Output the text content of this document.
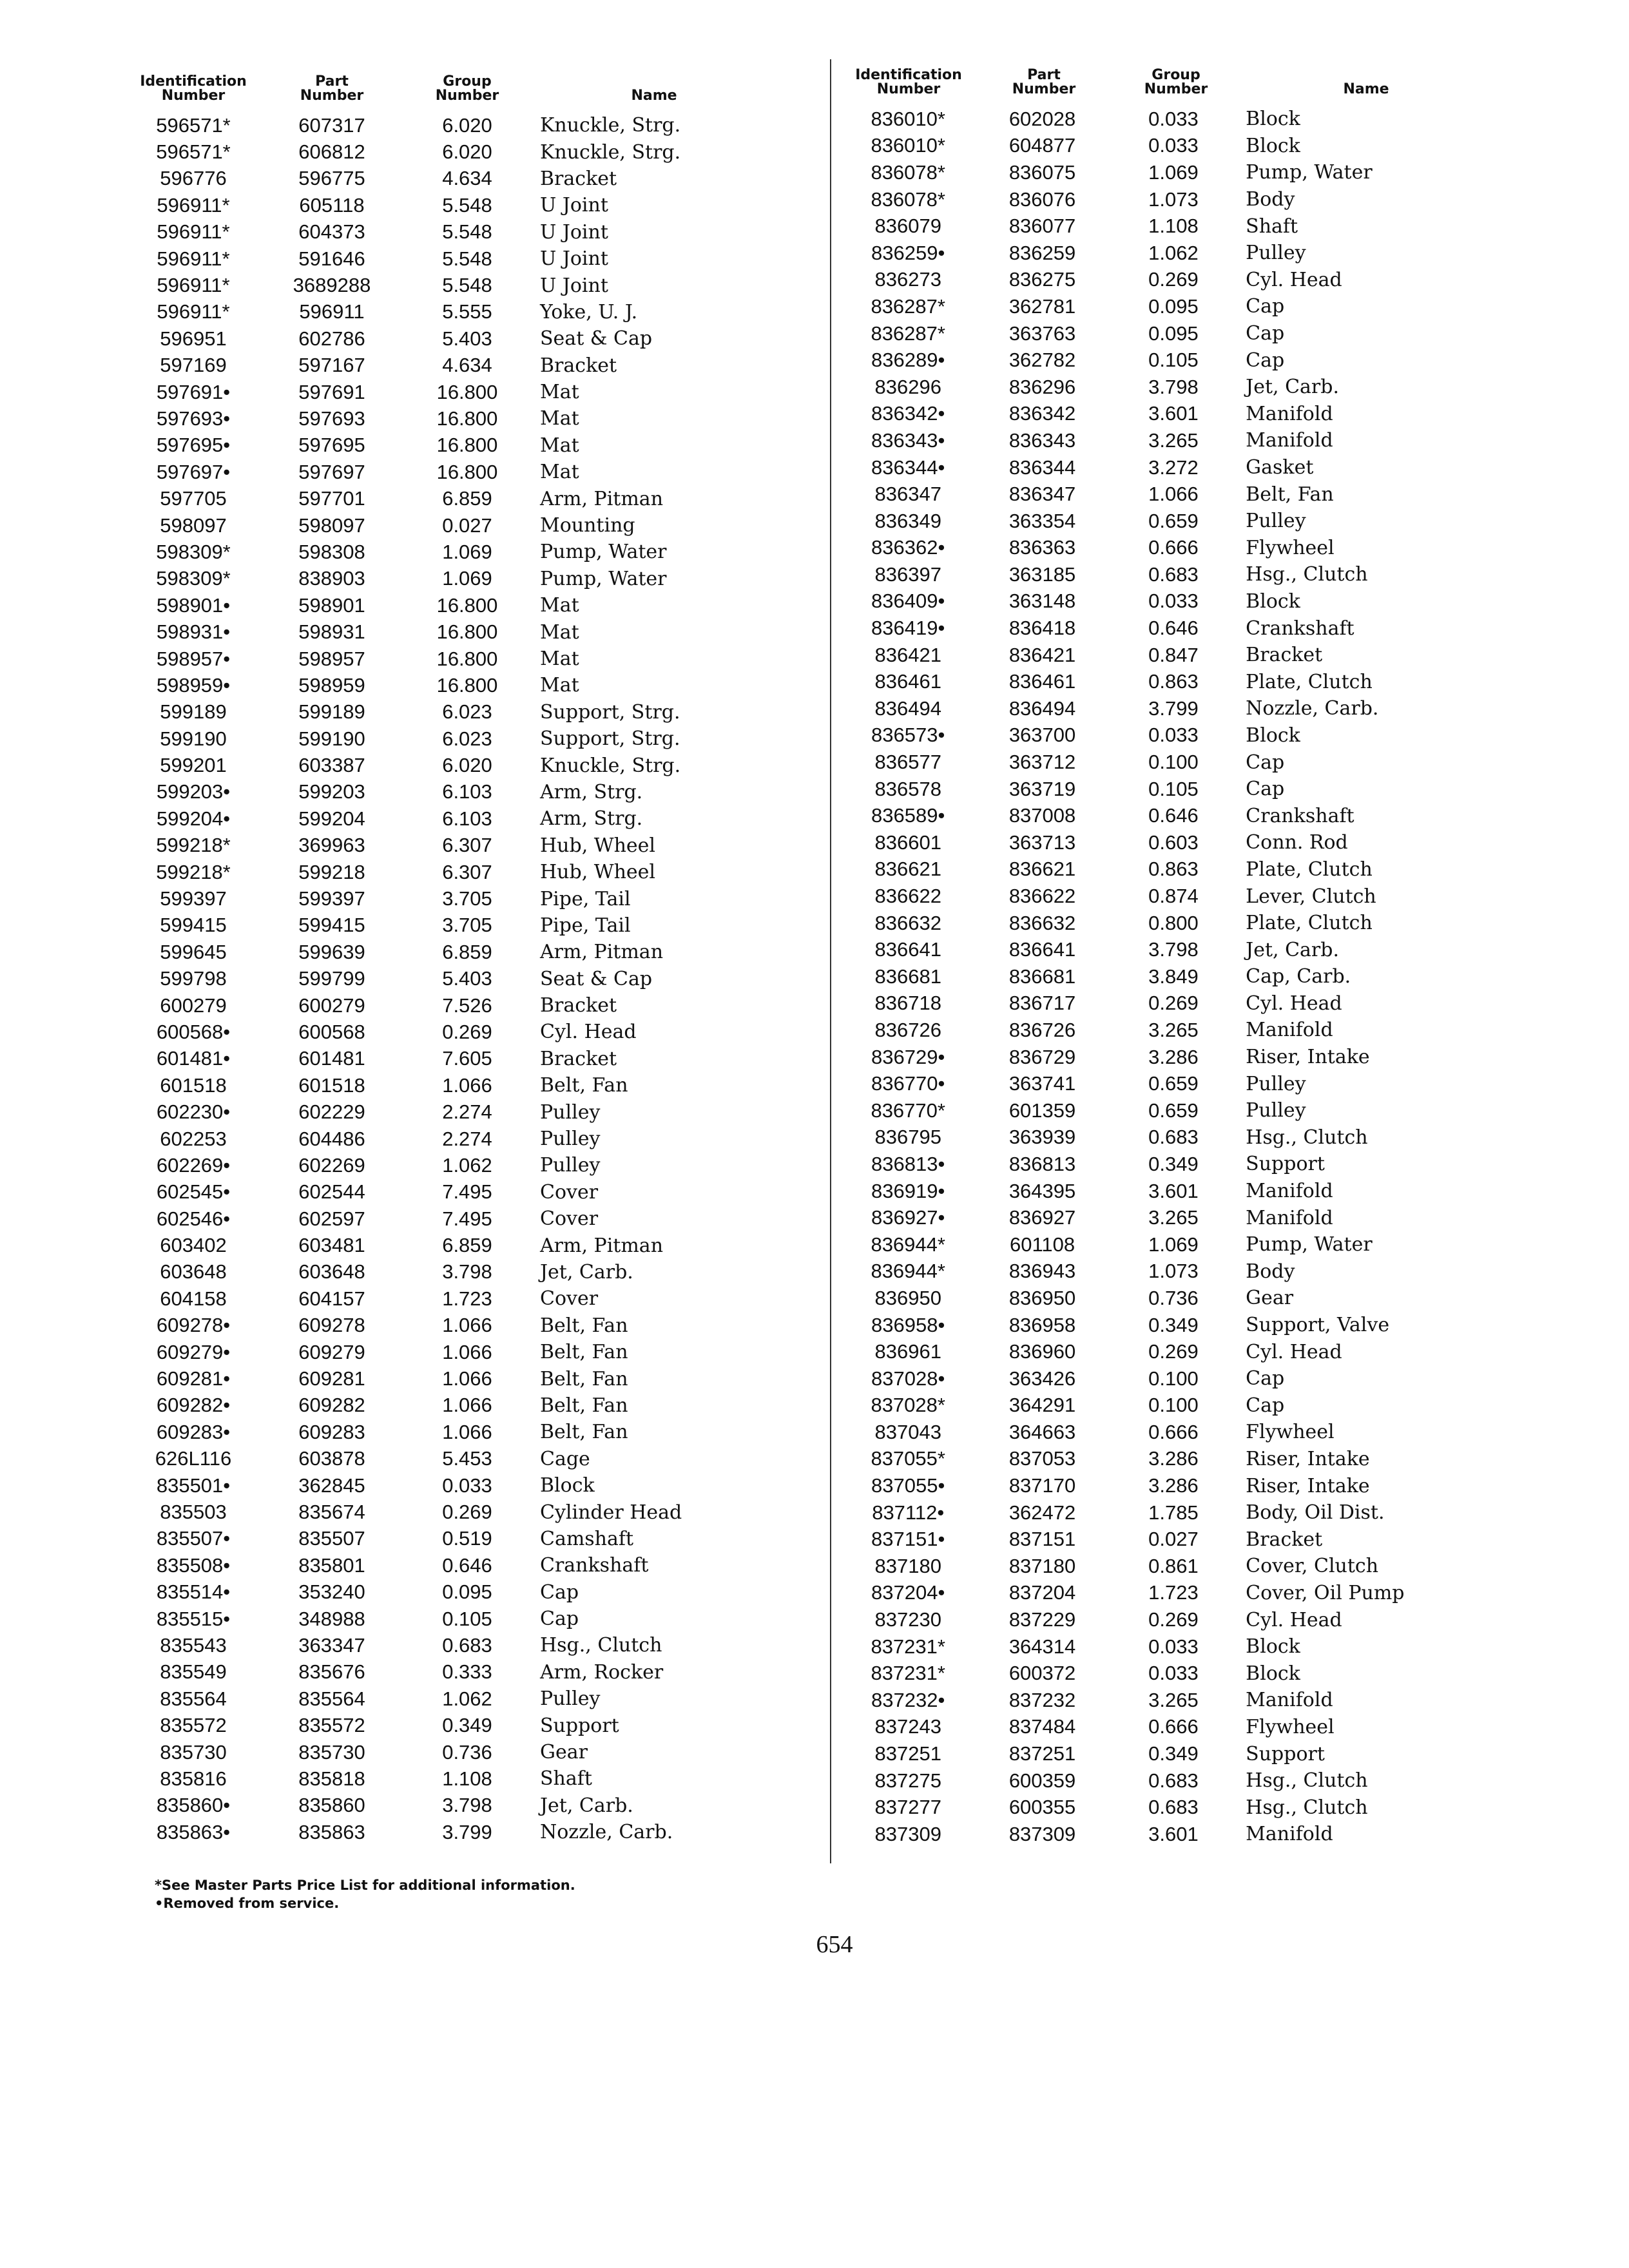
Identification
Number
Part
Number
Group
Number	Name
596571*	607317	6.020	Knuckle, Strg.
596571*	606812	6.020	Knuckle, Strg.
596776	596775	4.634	Bracket
596911*	605118	5.548	U Joint
596911*	604373	5.548	U Joint
596911*	591646	5.548	U Joint
596911*	3689288	5.548	U Joint
596911*	596911	5.555	Yoke, U. J.
596951	602786	5.403	Seat & Cap
597169	597167	4.634	Bracket
597691•	597691	16.800	Mat
597693•	597693	16.800	Mat
597695•	597695	16.800	Mat
597697•	597697	16.800	Mat
597705	597701	6.859	Arm, Pitman
598097	598097	0.027	Mounting
598309*	598308	1.069	Pump, Water
598309*	838903	1.069	Pump, Water
598901•	598901	16.800	Mat
598931•	598931	16.800	Mat
598957•	598957	16.800	Mat
598959•	598959	16.800	Mat
599189	599189	6.023	Support, Strg.
599190	599190	6.023	Support, Strg.
599201	603387	6.020	Knuckle, Strg.
599203•	599203	6.103	Arm, Strg.
599204•	599204	6.103	Arm, Strg.
599218*	369963	6.307	Hub, Wheel
599218*	599218	6.307	Hub, Wheel
599397	599397	3.705	Pipe, Tail
599415	599415	3.705	Pipe, Tail
599645	599639	6.859	Arm, Pitman
599798	599799	5.403	Seat & Cap
600279	600279	7.526	Bracket
600568•	600568	0.269	Cyl. Head
601481•	601481	7.605	Bracket
601518	601518	1.066	Belt, Fan
602230•	602229	2.274	Pulley
602253	604486	2.274	Pulley
602269•	602269	1.062	Pulley
602545•	602544	7.495	Cover
602546•	602597	7.495	Cover
603402	603481	6.859	Arm, Pitman
603648	603648	3.798	Jet, Carb.
604158	604157	1.723	Cover
609278•	609278	1.066	Belt, Fan
609279•	609279	1.066	Belt, Fan
609281•	609281	1.066	Belt, Fan
609282•	609282	1.066	Belt, Fan
609283•	609283	1.066	Belt, Fan
626L116	603878	5.453	Cage
835501•	362845	0.033	Block
835503	835674	0.269	Cylinder Head
835507•	835507	0.519	Camshaft
835508•	835801	0.646	Crankshaft
835514•	353240	0.095	Cap
835515•	348988	0.105	Cap
835543	363347	0.683	Hsg., Clutch
835549	835676	0.333	Arm, Rocker
835564	835564	1.062	Pulley
835572	835572	0.349	Support
835730	835730	0.736	Gear
835816	835818	1.108	Shaft
835860•	835860	3.798	Jet, Carb.
835863•	835863	3.799	Nozzle, Carb.
Identification
Number
Part
Number
Group
Number	Name
836010*	602028	0.033	Block
836010*	604877	0.033	Block
836078*	836075	1.069	Pump, Water
836078*	836076	1.073	Body
836079	836077	1.108	Shaft
836259•	836259	1.062	Pulley
836273	836275	0.269	Cyl. Head
836287*	362781	0.095	Cap
836287*	363763	0.095	Cap
836289•	362782	0.105	Cap
836296	836296	3.798	Jet, Carb.
836342•	836342	3.601	Manifold
836343•	836343	3.265	Manifold
836344•	836344	3.272	Gasket
836347	836347	1.066	Belt, Fan
836349	363354	0.659	Pulley
836362•	836363	0.666	Flywheel
836397	363185	0.683	Hsg., Clutch
836409•	363148	0.033	Block
836419•	836418	0.646	Crankshaft
836421	836421	0.847	Bracket
836461	836461	0.863	Plate, Clutch
836494	836494	3.799	Nozzle, Carb.
836573•	363700	0.033	Block
836577	363712	0.100	Cap
836578	363719	0.105	Cap
836589•	837008	0.646	Crankshaft
836601	363713	0.603	Conn. Rod
836621	836621	0.863	Plate, Clutch
836622	836622	0.874	Lever, Clutch
836632	836632	0.800	Plate, Clutch
836641	836641	3.798	Jet, Carb.
836681	836681	3.849	Cap, Carb.
836718	836717	0.269	Cyl. Head
836726	836726	3.265	Manifold
836729•	836729	3.286	Riser, Intake
836770•	363741	0.659	Pulley
836770*	601359	0.659	Pulley
836795	363939	0.683	Hsg., Clutch
836813•	836813	0.349	Support
836919•	364395	3.601	Manifold
836927•	836927	3.265	Manifold
836944*	601108	1.069	Pump, Water
836944*	836943	1.073	Body
836950	836950	0.736	Gear
836958•	836958	0.349	Support, Valve
836961	836960	0.269	Cyl. Head
837028•	363426	0.100	Cap
837028*	364291	0.100	Cap
837043	364663	0.666	Flywheel
837055*	837053	3.286	Riser, Intake
837055•	837170	3.286	Riser, Intake
837112•	362472	1.785	Body, Oil Dist.
837151•	837151	0.027	Bracket
837180	837180	0.861	Cover, Clutch
837204•	837204	1.723	Cover, Oil Pump
837230	837229	0.269	Cyl. Head
837231*	364314	0.033	Block
837231*	600372	0.033	Block
837232•	837232	3.265	Manifold
837243	837484	0.666	Flywheel
837251	837251	0.349	Support
837275	600359	0.683	Hsg., Clutch
837277	600355	0.683	Hsg., Clutch
837309	837309	3.601	Manifold
*See Master Parts Price List for additional information.
•Removed from service.
654
